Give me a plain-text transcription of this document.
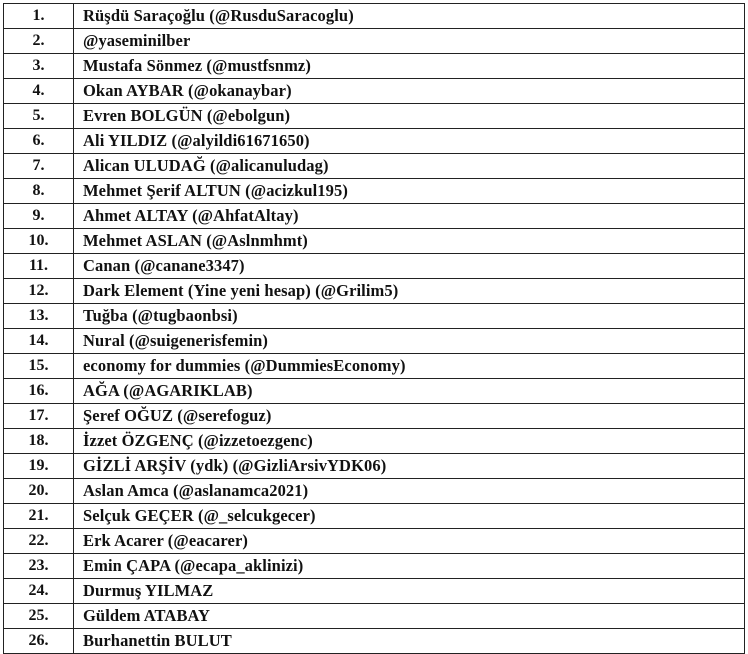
1.	Rüşdü Saraçoğlu (@RusduSaracoglu)
2.	@yaseminilber
3.	Mustafa Sönmez (@mustfsnmz)
4.	Okan AYBAR (@okanaybar)
5.	Evren BOLGÜN (@ebolgun)
6.	Ali YILDIZ (@alyildi61671650)
7.	Alican ULUDAĞ (@alicanuludag)
8.	Mehmet Şerif ALTUN (@acizkul195)
9.	Ahmet ALTAY (@AhfatAltay)
10.	Mehmet ASLAN (@Aslnmhmt)
11.	Canan (@canane3347)
12.	Dark Element (Yine yeni hesap) (@Grilim5)
13.	Tuğba (@tugbaonbsi)
14.	Nural (@suigenerisfemin)
15.	economy for dummies (@DummiesEconomy)
16.	AĞA (@AGARIKLAB)
17.	Şeref OĞUZ (@serefoguz)
18.	İzzet ÖZGENÇ (@izzetoezgenc)
19.	GİZLİ ARŞİV (ydk) (@GizliArsivYDK06)
20.	Aslan Amca (@aslanamca2021)
21.	Selçuk GEÇER (@_selcukgecer)
22.	Erk Acarer (@eacarer)
23.	Emin ÇAPA (@ecapa_aklinizi)
24.	Durmuş YILMAZ
25.	Güldem ATABAY
26.	Burhanettin BULUT
